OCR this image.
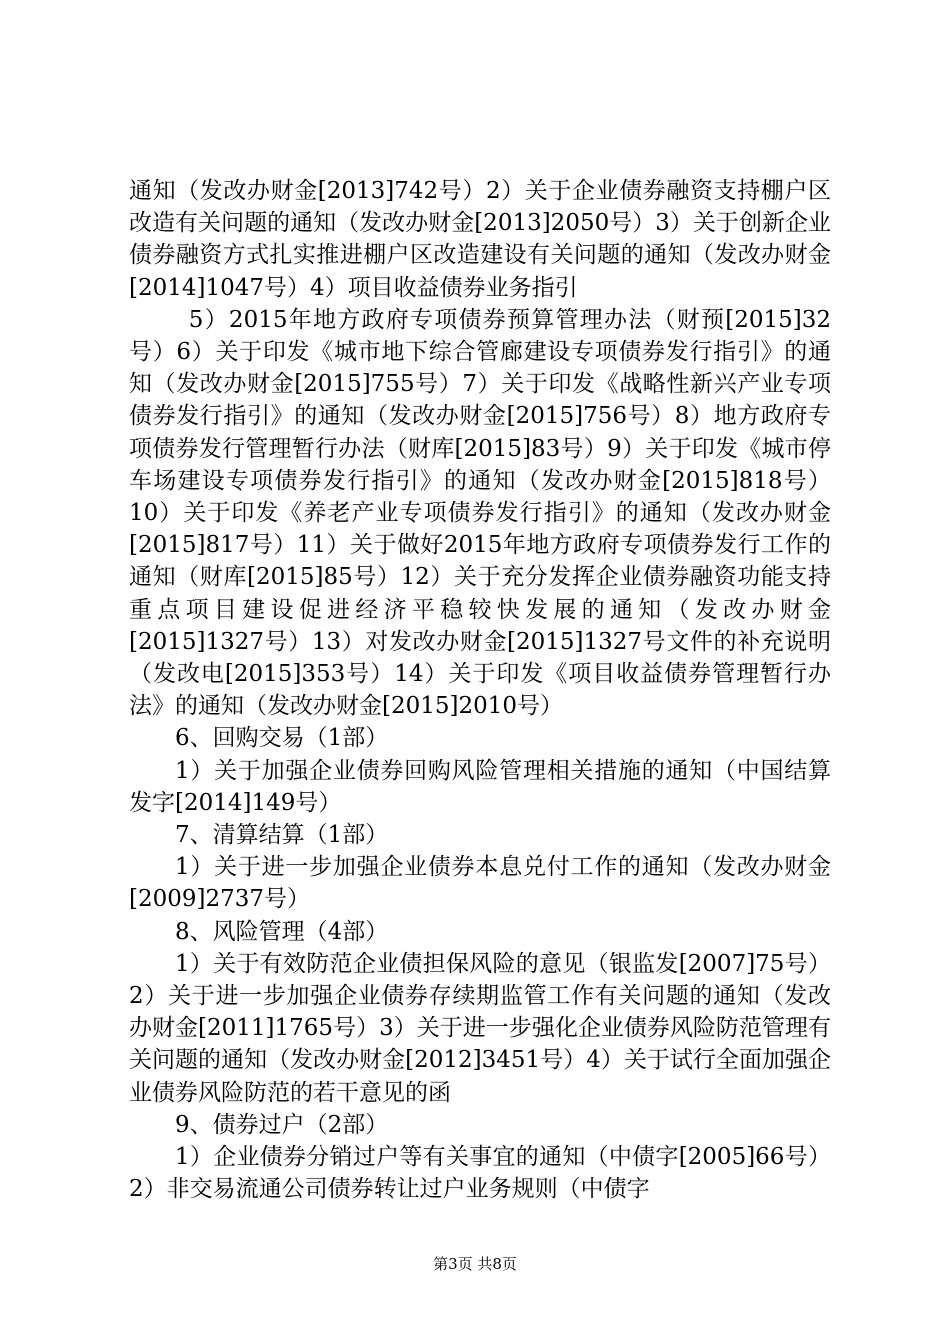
通知（发改办财金[2013]742号）2）关于企业债券融资支持棚户区改造有关问题的通知（发改办财金[2013]2050号）3）关于创新企业债券融资方式扎实推进棚户区改造建设有关问题的通知（发改办财金[2014]1047号）4）项目收益债券业务指引

5）2015年地方政府专项债券预算管理办法（财预[2015]32号）6）关于印发《城市地下综合管廊建设专项债券发行指引》的通知（发改办财金[2015]755号）7）关于印发《战略性新兴产业专项债券发行指引》的通知（发改办财金[2015]756号）8）地方政府专项债券发行管理暂行办法（财库[2015]83号）9）关于印发《城市停车场建设专项债券发行指引》的通知（发改办财金[2015]818号）10）关于印发《养老产业专项债券发行指引》的通知（发改办财金[2015]817号）11）关于做好2015年地方政府专项债券发行工作的通知（财库[2015]85号）12）关于充分发挥企业债券融资功能支持重点项目建设促进经济平稳较快发展的通知（发改办财金[2015]1327号）13）对发改办财金[2015]1327号文件的补充说明（发改电[2015]353号）14）关于印发《项目收益债券管理暂行办法》的通知（发改办财金[2015]2010号）

6、回购交易（1部）

1）关于加强企业债券回购风险管理相关措施的通知（中国结算发字[2014]149号）

7、清算结算（1部）

1）关于进一步加强企业债券本息兑付工作的通知（发改办财金[2009]2737号）

8、风险管理（4部）

1）关于有效防范企业债担保风险的意见（银监发[2007]75号）2）关于进一步加强企业债券存续期监管工作有关问题的通知（发改办财金[2011]1765号）3）关于进一步强化企业债券风险防范管理有关问题的通知（发改办财金[2012]3451号）4）关于试行全面加强企业债券风险防范的若干意见的函

9、债券过户（2部）

1）企业债券分销过户等有关事宜的通知（中债字[2005]66号）2）非交易流通公司债券转让过户业务规则（中债字

第3页 共8页
